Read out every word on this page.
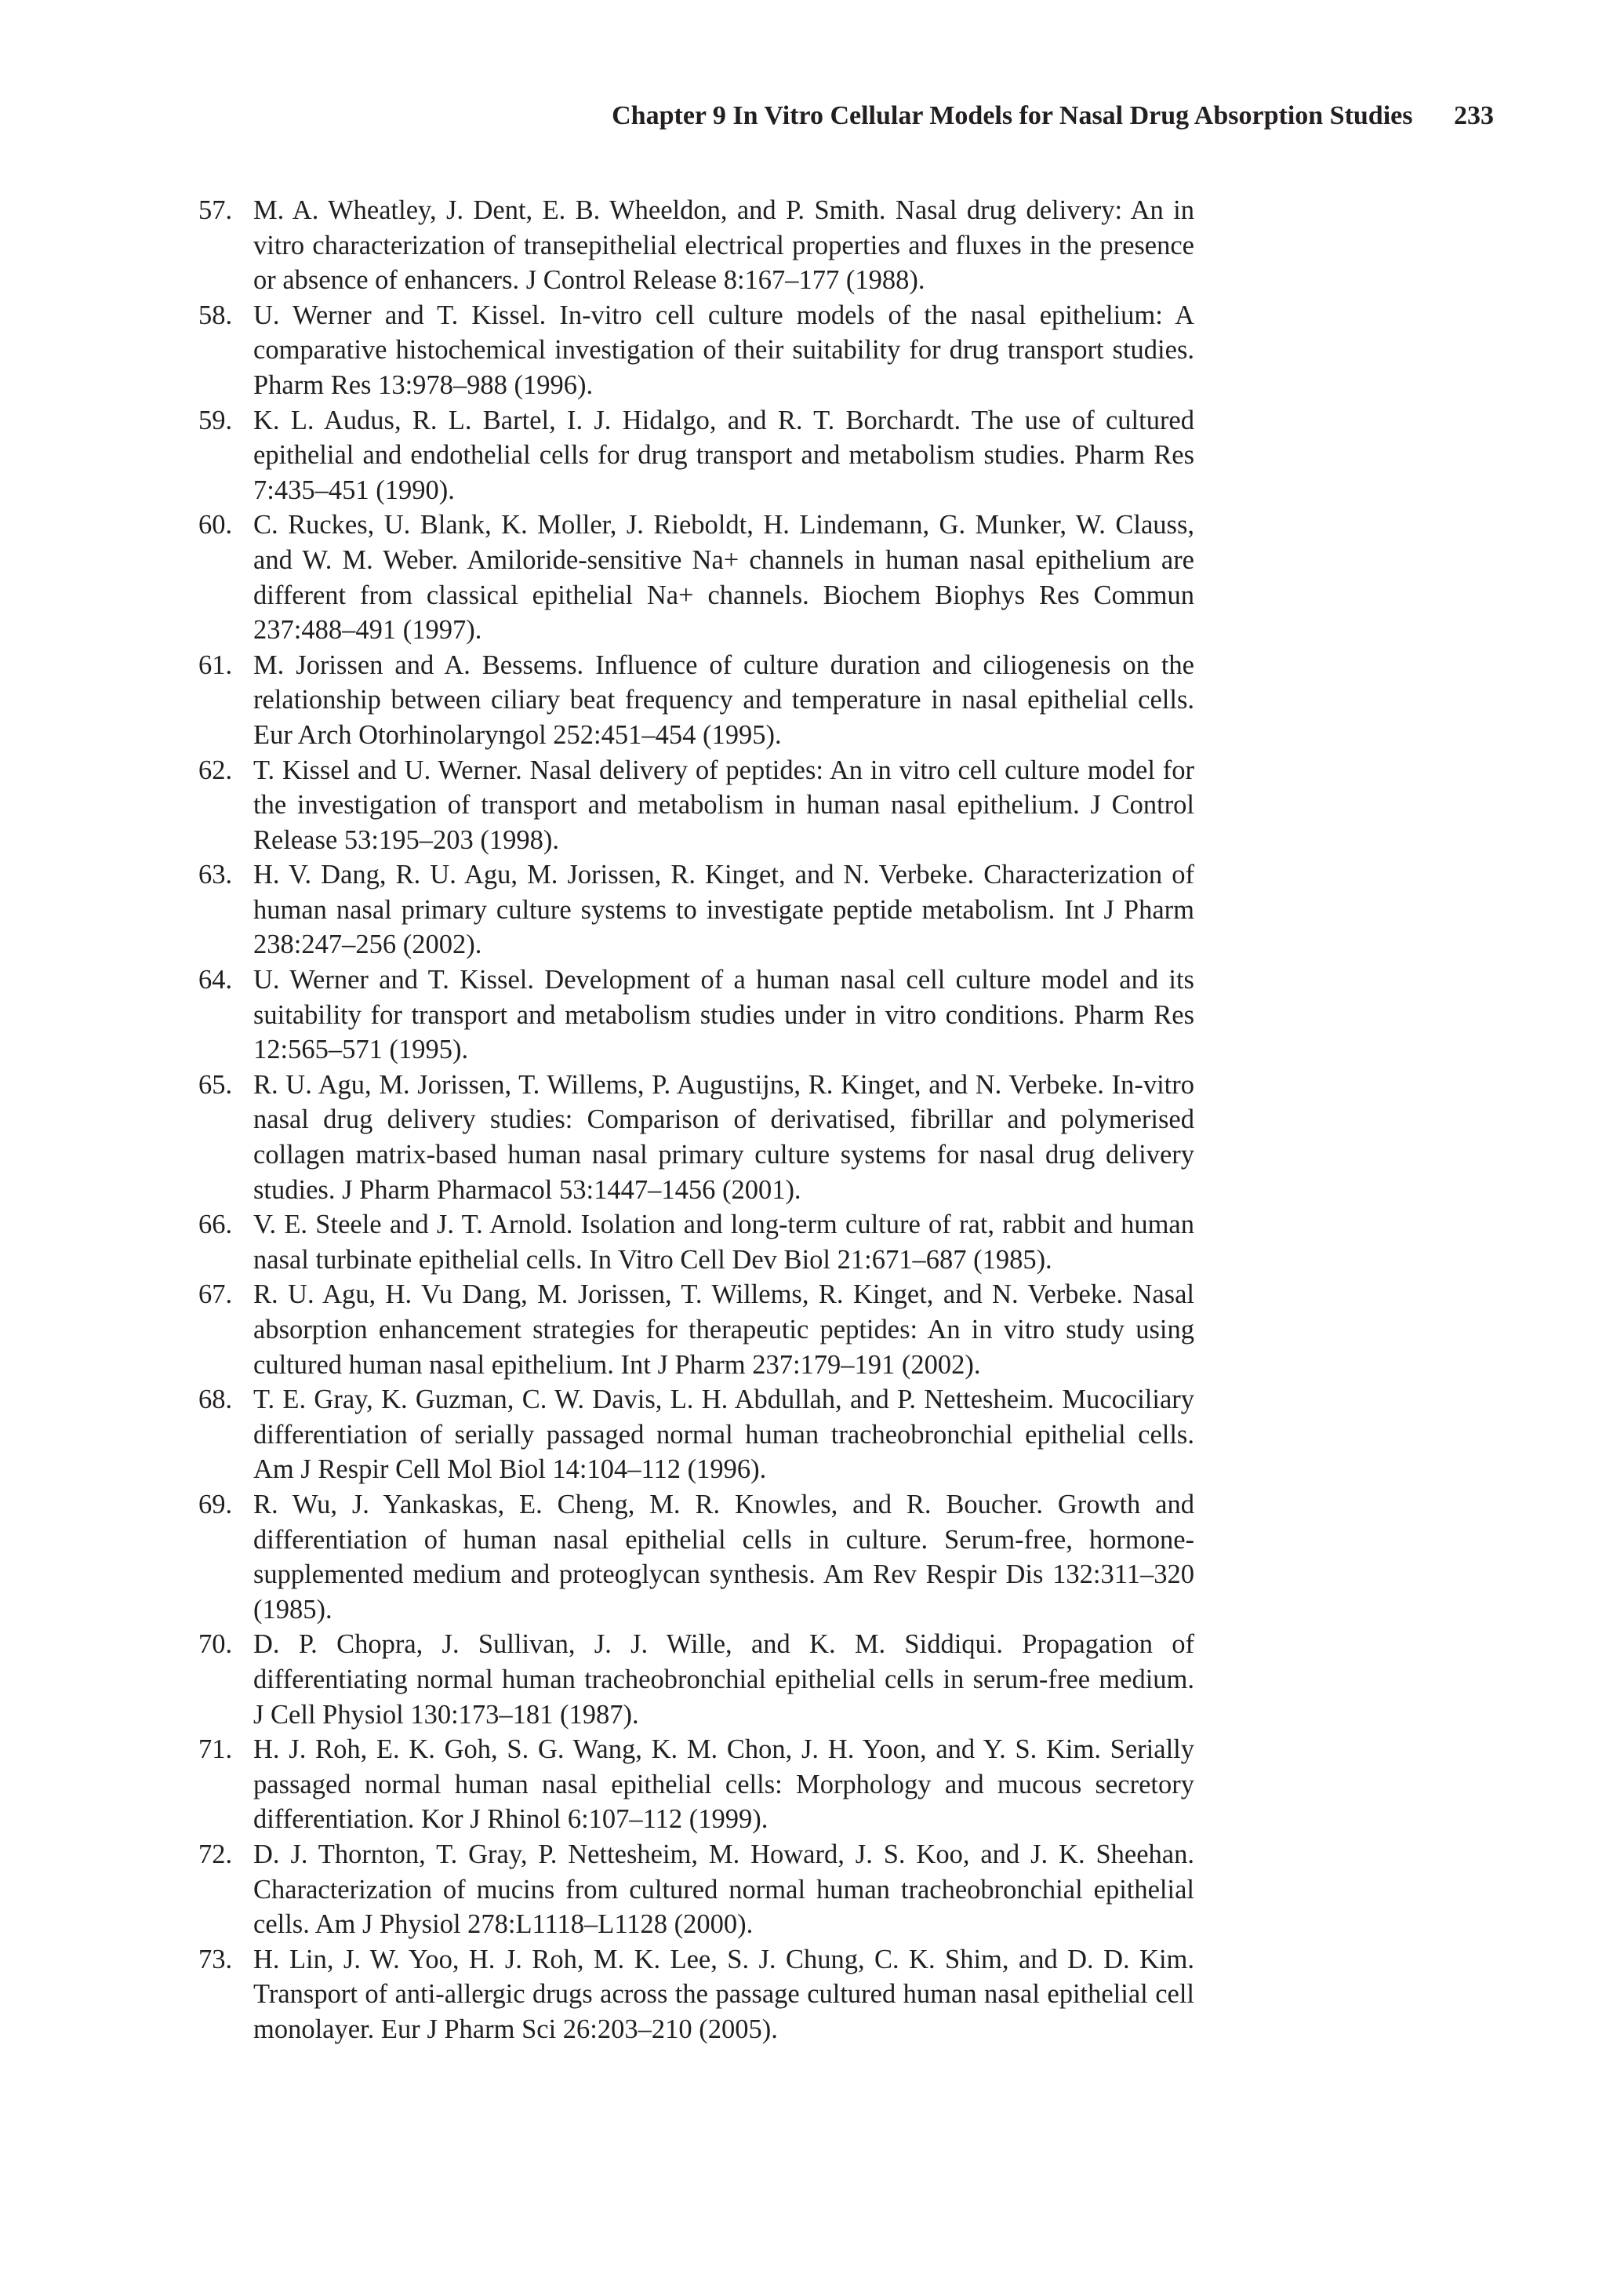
Chapter 9 In Vitro Cellular Models for Nasal Drug Absorption Studies 233
57. M. A. Wheatley, J. Dent, E. B. Wheeldon, and P. Smith. Nasal drug delivery: An in vitro characterization of transepithelial electrical properties and fluxes in the presence or absence of enhancers. J Control Release 8:167–177 (1988).
58. U. Werner and T. Kissel. In-vitro cell culture models of the nasal epithelium: A comparative histochemical investigation of their suitability for drug transport studies. Pharm Res 13:978–988 (1996).
59. K. L. Audus, R. L. Bartel, I. J. Hidalgo, and R. T. Borchardt. The use of cultured epithelial and endothelial cells for drug transport and metabolism studies. Pharm Res 7:435–451 (1990).
60. C. Ruckes, U. Blank, K. Moller, J. Rieboldt, H. Lindemann, G. Munker, W. Clauss, and W. M. Weber. Amiloride-sensitive Na+ channels in human nasal epithelium are different from classical epithelial Na+ channels. Biochem Biophys Res Commun 237:488–491 (1997).
61. M. Jorissen and A. Bessems. Influence of culture duration and ciliogenesis on the relationship between ciliary beat frequency and temperature in nasal epithelial cells. Eur Arch Otorhinolaryngol 252:451–454 (1995).
62. T. Kissel and U. Werner. Nasal delivery of peptides: An in vitro cell culture model for the investigation of transport and metabolism in human nasal epithelium. J Control Release 53:195–203 (1998).
63. H. V. Dang, R. U. Agu, M. Jorissen, R. Kinget, and N. Verbeke. Characterization of human nasal primary culture systems to investigate peptide metabolism. Int J Pharm 238:247–256 (2002).
64. U. Werner and T. Kissel. Development of a human nasal cell culture model and its suitability for transport and metabolism studies under in vitro conditions. Pharm Res 12:565–571 (1995).
65. R. U. Agu, M. Jorissen, T. Willems, P. Augustijns, R. Kinget, and N. Verbeke. In-vitro nasal drug delivery studies: Comparison of derivatised, fibrillar and polymerised collagen matrix-based human nasal primary culture systems for nasal drug delivery studies. J Pharm Pharmacol 53:1447–1456 (2001).
66. V. E. Steele and J. T. Arnold. Isolation and long-term culture of rat, rabbit and human nasal turbinate epithelial cells. In Vitro Cell Dev Biol 21:671–687 (1985).
67. R. U. Agu, H. Vu Dang, M. Jorissen, T. Willems, R. Kinget, and N. Verbeke. Nasal absorption enhancement strategies for therapeutic peptides: An in vitro study using cultured human nasal epithelium. Int J Pharm 237:179–191 (2002).
68. T. E. Gray, K. Guzman, C. W. Davis, L. H. Abdullah, and P. Nettesheim. Mucociliary differentiation of serially passaged normal human tracheobronchial epithelial cells. Am J Respir Cell Mol Biol 14:104–112 (1996).
69. R. Wu, J. Yankaskas, E. Cheng, M. R. Knowles, and R. Boucher. Growth and differentiation of human nasal epithelial cells in culture. Serum-free, hormone-supplemented medium and proteoglycan synthesis. Am Rev Respir Dis 132:311–320 (1985).
70. D. P. Chopra, J. Sullivan, J. J. Wille, and K. M. Siddiqui. Propagation of differentiating normal human tracheobronchial epithelial cells in serum-free medium. J Cell Physiol 130:173–181 (1987).
71. H. J. Roh, E. K. Goh, S. G. Wang, K. M. Chon, J. H. Yoon, and Y. S. Kim. Serially passaged normal human nasal epithelial cells: Morphology and mucous secretory differentiation. Kor J Rhinol 6:107–112 (1999).
72. D. J. Thornton, T. Gray, P. Nettesheim, M. Howard, J. S. Koo, and J. K. Sheehan. Characterization of mucins from cultured normal human tracheobronchial epithelial cells. Am J Physiol 278:L1118–L1128 (2000).
73. H. Lin, J. W. Yoo, H. J. Roh, M. K. Lee, S. J. Chung, C. K. Shim, and D. D. Kim. Transport of anti-allergic drugs across the passage cultured human nasal epithelial cell monolayer. Eur J Pharm Sci 26:203–210 (2005).
